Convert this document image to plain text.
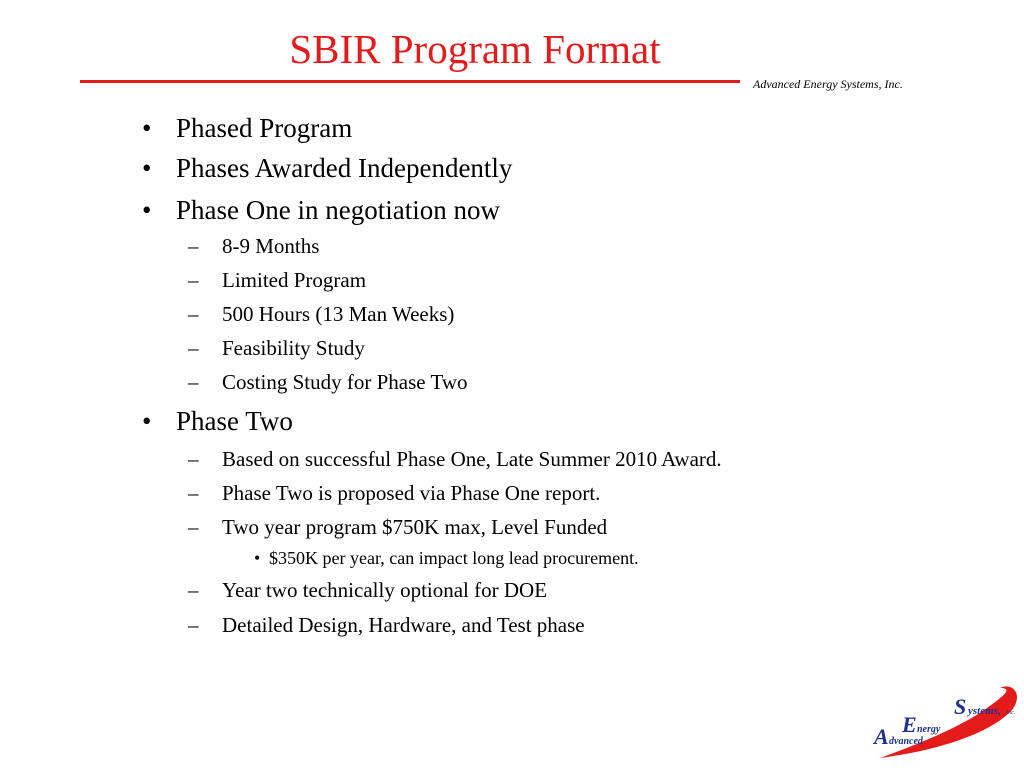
SBIR Program Format
Advanced Energy Systems, Inc.
• Phased Program
• Phases Awarded Independently
• Phase One in negotiation now
– 8-9 Months
– Limited Program
– 500 Hours (13 Man Weeks)
– Feasibility Study
– Costing Study for Phase Two
• Phase Two
– Based on successful Phase One, Late Summer 2010 Award.
– Phase Two is proposed via Phase One report.
– Two year program $750K max, Level Funded
• $350K per year, can impact long lead procurement.
– Year two technically optional for DOE
– Detailed Design, Hardware, and Test phase
S ystems, Inc.
E nergy
A dvanced
